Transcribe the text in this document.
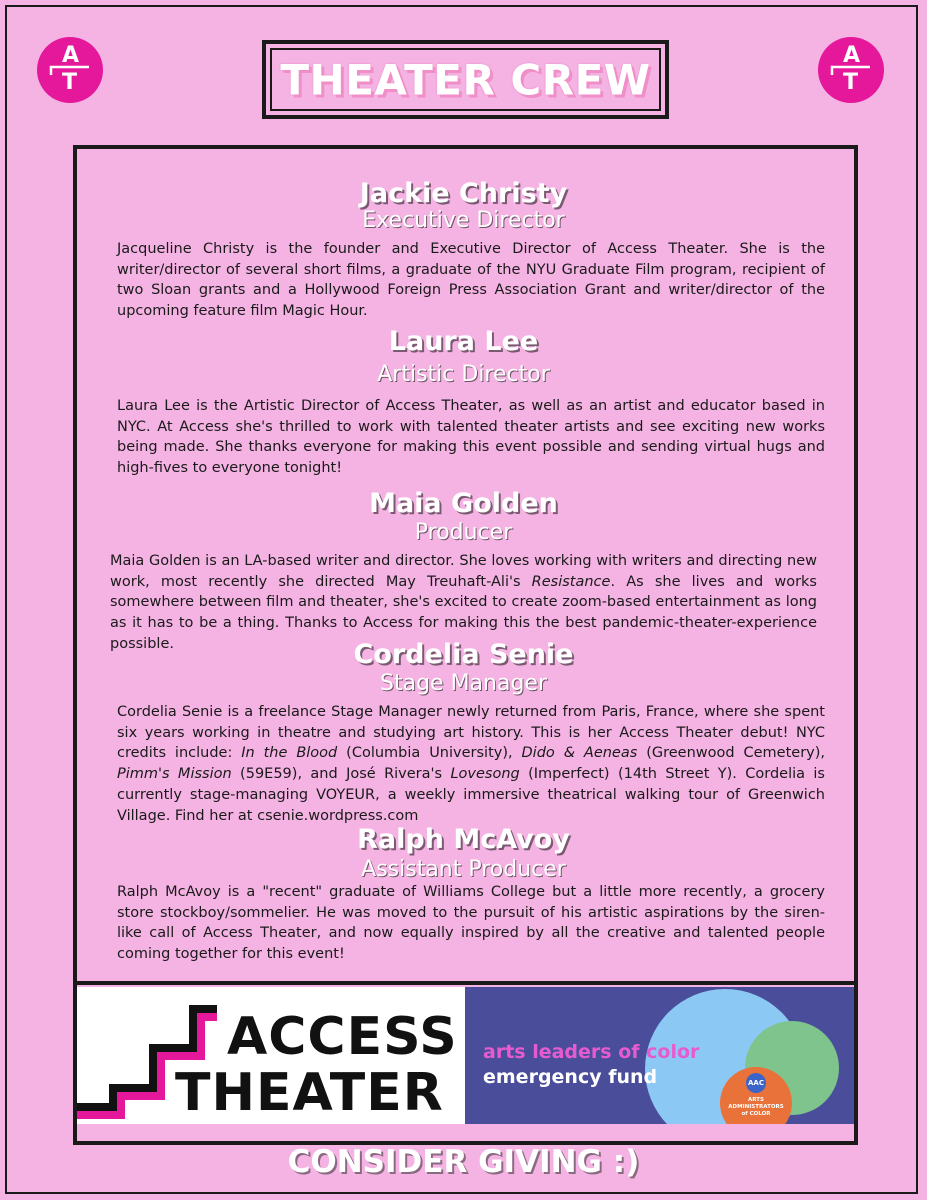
A
T
A
T
THEATER CREW
Jackie Christy
Executive Director
Jacqueline Christy is the founder and Executive Director of Access Theater. She is the writer/director of several short films, a graduate of the NYU Graduate Film program, recipient of two Sloan grants and a Hollywood Foreign Press Association Grant and writer/director of the upcoming feature film Magic Hour.
Laura Lee
Artistic Director
Laura Lee is the Artistic Director of Access Theater, as well as an artist and educator based in NYC. At Access she's thrilled to work with talented theater artists and see exciting new works being made. She thanks everyone for making this event possible and sending virtual hugs and high-fives to everyone tonight!
Maia Golden
Producer
Maia Golden is an LA-based writer and director. She loves working with writers and directing new work, most recently she directed May Treuhaft-Ali's Resistance. As she lives and works somewhere between film and theater, she's excited to create zoom-based entertainment as long as it has to be a thing. Thanks to Access for making this the best pandemic-theater-experience possible.	Cordelia Senie
Stage Manager
Cordelia Senie is a freelance Stage Manager newly returned from Paris, France, where she spent six years working in theatre and studying art history. This is her Access Theater debut! NYC credits include: In the Blood (Columbia University), Dido & Aeneas (Greenwood Cemetery), Pimm's Mission (59E59), and José Rivera's Lovesong (Imperfect) (14th Street Y). Cordelia is currently stage-managing VOYEUR, a weekly immersive theatrical walking tour of Greenwich Village. Find her at csenie.wordpress.com
Ralph McAvoy
Assistant Producer
Ralph McAvoy is a "recent" graduate of Williams College but a little more recently, a grocery store stockboy/sommelier. He was moved to the pursuit of his artistic aspirations by the siren-like call of Access Theater, and now equally inspired by all the creative and talented people coming together for this event!
ACCESS
THEATER
arts leaders of color
emergency fund	AAC
ARTS ADMINISTRATORS of COLOR
CONSIDER GIVING :)
